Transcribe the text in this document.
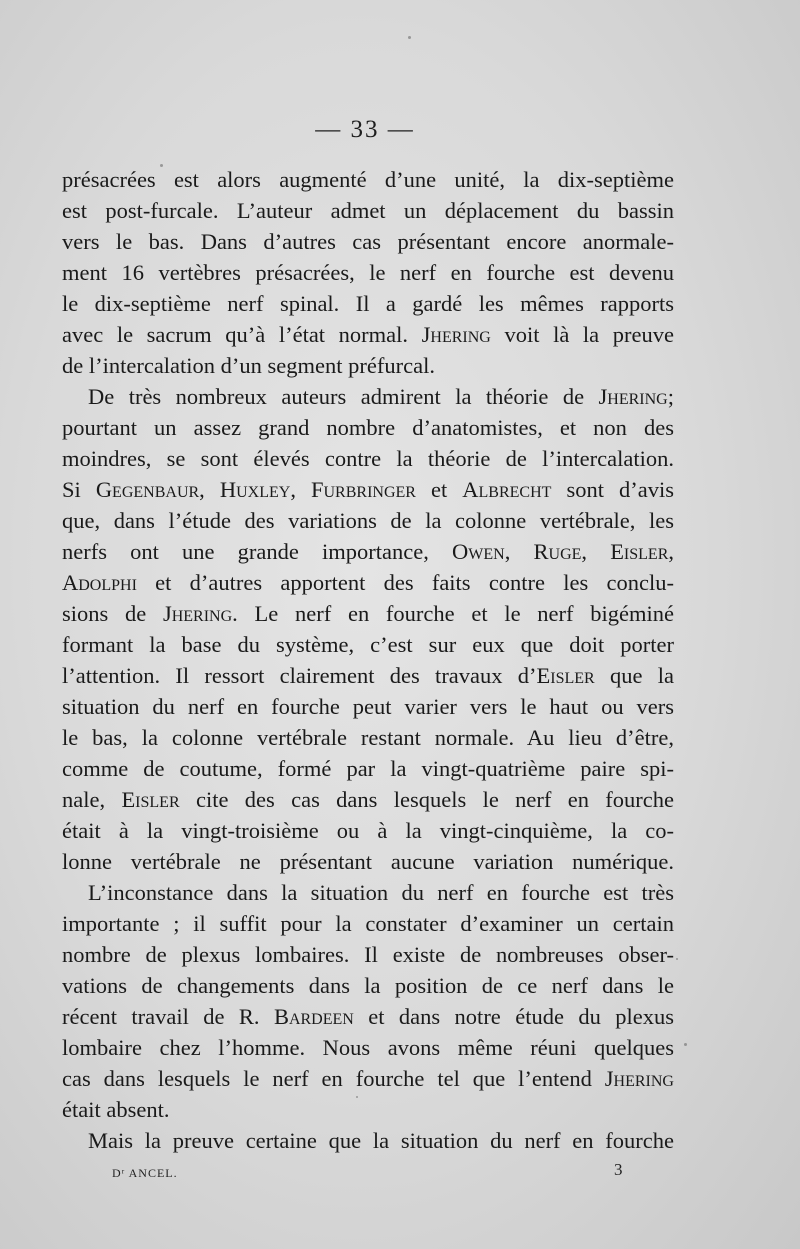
— 33 —
présacrées est alors augmenté d’une unité, la dix-septième
est post-furcale. L’auteur admet un déplacement du bassin
vers le bas. Dans d’autres cas présentant encore anormale-
ment 16 vertèbres présacrées, le nerf en fourche est devenu
le dix-septième nerf spinal. Il a gardé les mêmes rapports
avec le sacrum qu’à l’état normal. Jhering voit là la preuve
de l’intercalation d’un segment préfurcal.
De très nombreux auteurs admirent la théorie de Jhering;
pourtant un assez grand nombre d’anatomistes, et non des
moindres, se sont élevés contre la théorie de l’intercalation.
Si Gegenbaur, Huxley, Furbringer et Albrecht sont d’avis
que, dans l’étude des variations de la colonne vertébrale, les
nerfs ont une grande importance, Owen, Ruge, Eisler,
Adolphi et d’autres apportent des faits contre les conclu-
sions de Jhering. Le nerf en fourche et le nerf bigéminé
formant la base du système, c’est sur eux que doit porter
l’attention. Il ressort clairement des travaux d’Eisler que la
situation du nerf en fourche peut varier vers le haut ou vers
le bas, la colonne vertébrale restant normale. Au lieu d’être,
comme de coutume, formé par la vingt-quatrième paire spi-
nale, Eisler cite des cas dans lesquels le nerf en fourche
était à la vingt-troisième ou à la vingt-cinquième, la co-
lonne vertébrale ne présentant aucune variation numérique.
L’inconstance dans la situation du nerf en fourche est très
importante ; il suffit pour la constater d’examiner un certain
nombre de plexus lombaires. Il existe de nombreuses obser-
vations de changements dans la position de ce nerf dans le
récent travail de R. Bardeen et dans notre étude du plexus
lombaire chez l’homme. Nous avons même réuni quelques
cas dans lesquels le nerf en fourche tel que l’entend Jhering
était absent.
Mais la preuve certaine que la situation du nerf en fourche
Dʳ ANCEL.	3
